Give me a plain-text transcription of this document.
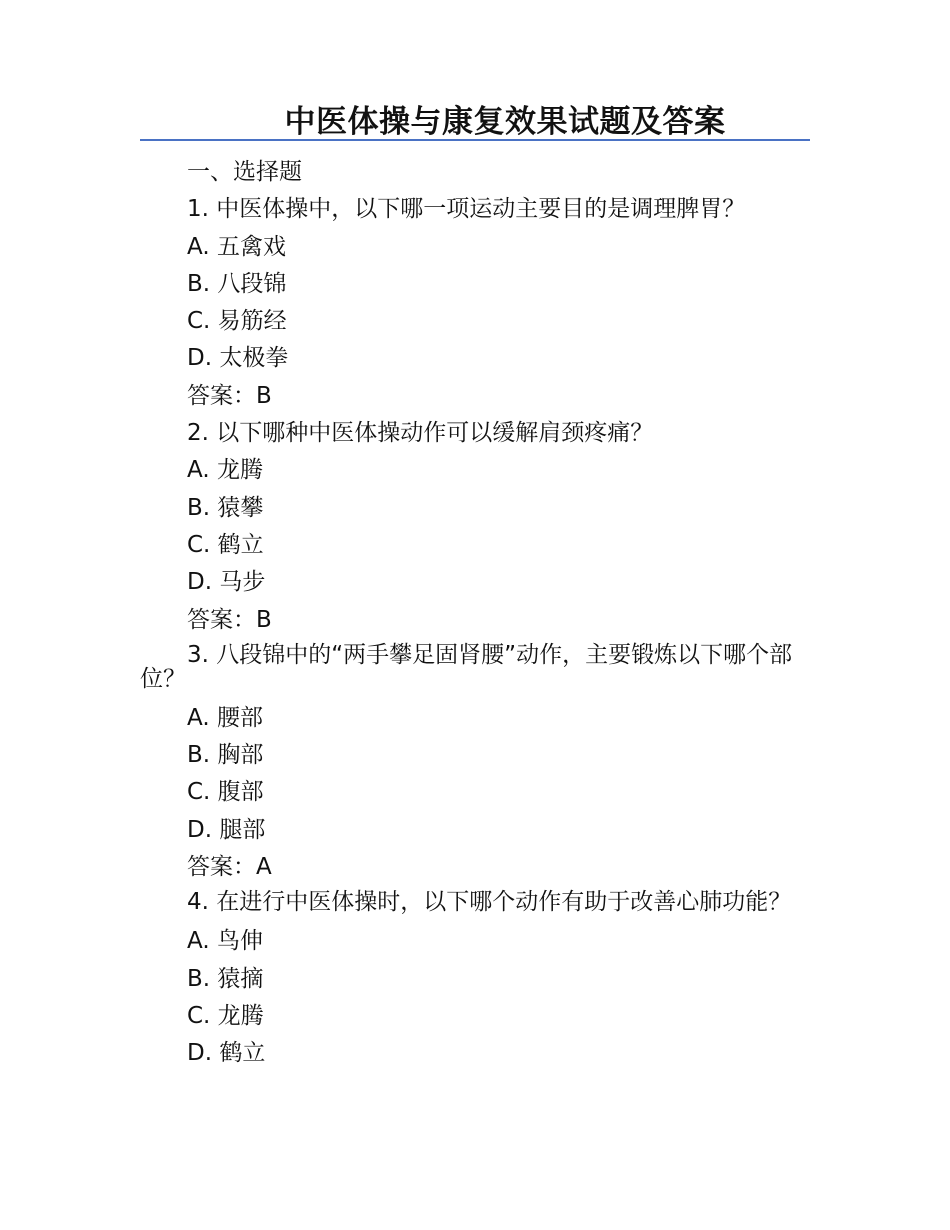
中医体操与康复效果试题及答案
一、选择题
1. 中医体操中，以下哪一项运动主要目的是调理脾胃？
A. 五禽戏
B. 八段锦
C. 易筋经
D. 太极拳
答案：B
2. 以下哪种中医体操动作可以缓解肩颈疼痛？
A. 龙腾
B. 猿攀
C. 鹤立
D. 马步
答案：B
3. 八段锦中的“两手攀足固肾腰”动作，主要锻炼以下哪个部位？
A. 腰部
B. 胸部
C. 腹部
D. 腿部
答案：A
4. 在进行中医体操时，以下哪个动作有助于改善心肺功能？
A. 鸟伸
B. 猿摘
C. 龙腾
D. 鹤立
